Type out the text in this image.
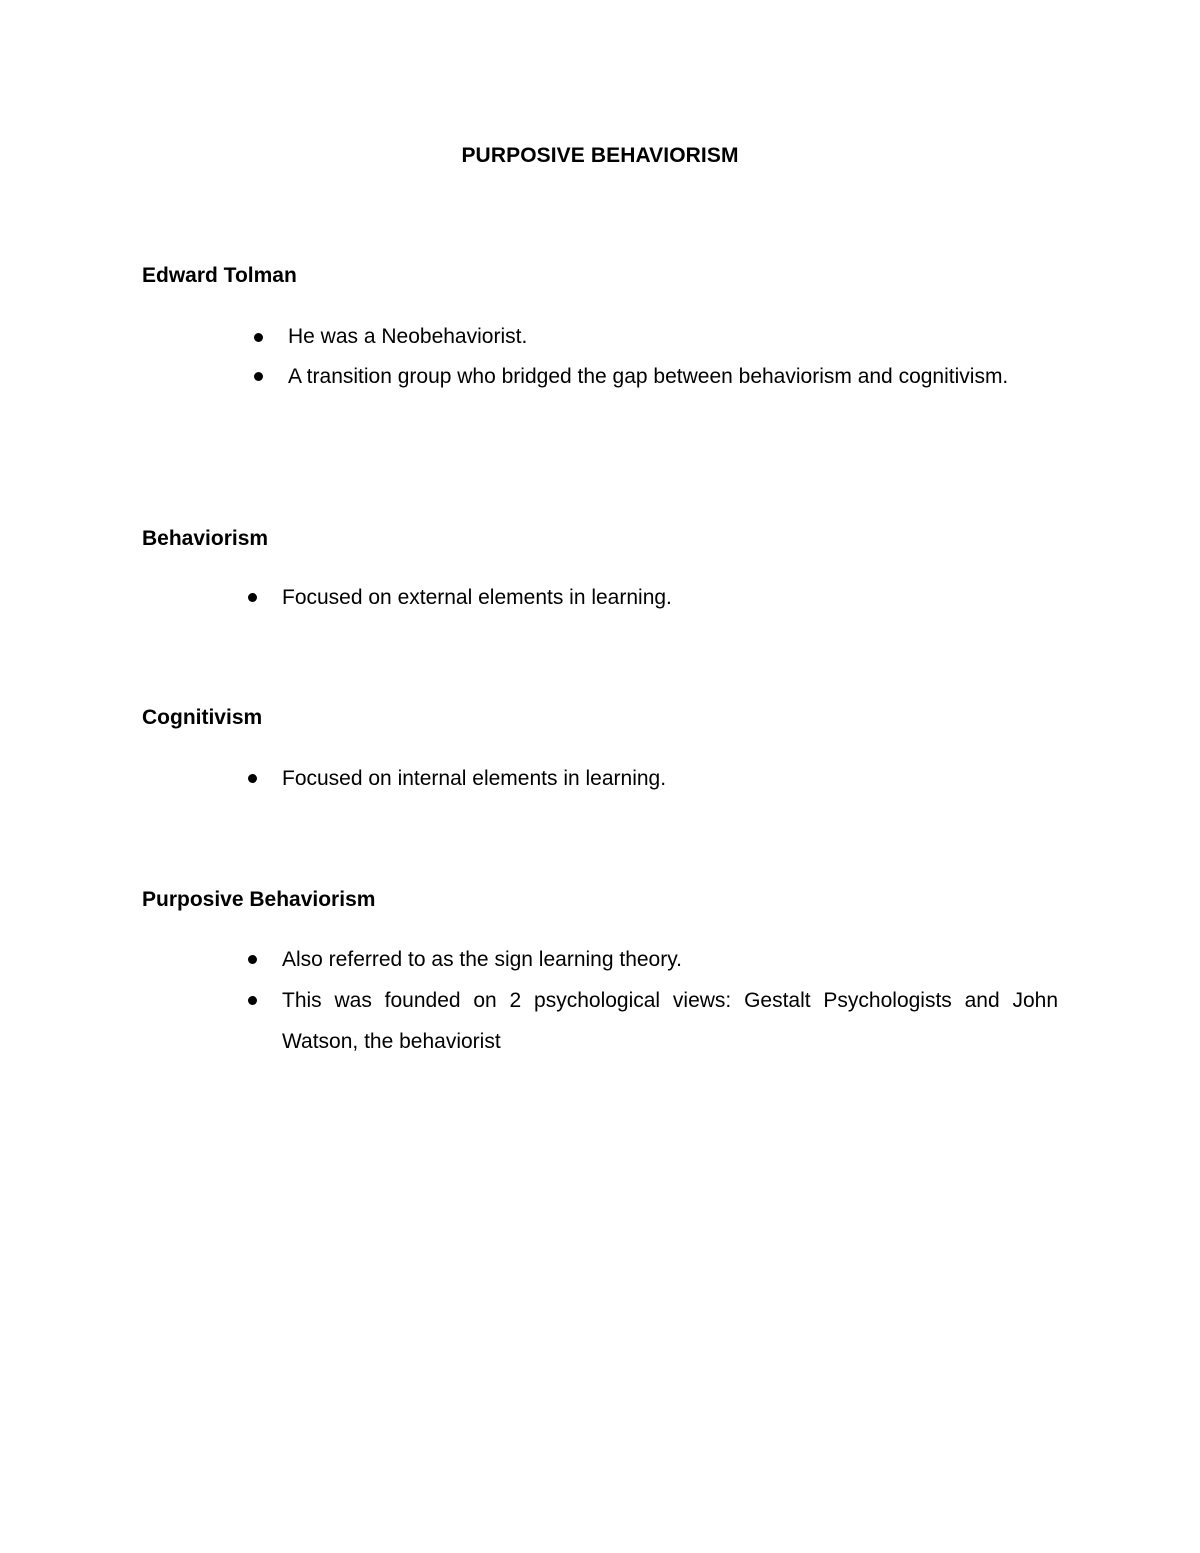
PURPOSIVE BEHAVIORISM
Edward Tolman
He was a Neobehaviorist.
A transition group who bridged the gap between behaviorism and cognitivism.
Behaviorism
Focused on external elements in learning.
Cognitivism
Focused on internal elements in learning.
Purposive Behaviorism
Also referred to as the sign learning theory.
This was founded on 2 psychological views: Gestalt Psychologists and John Watson, the behaviorist
